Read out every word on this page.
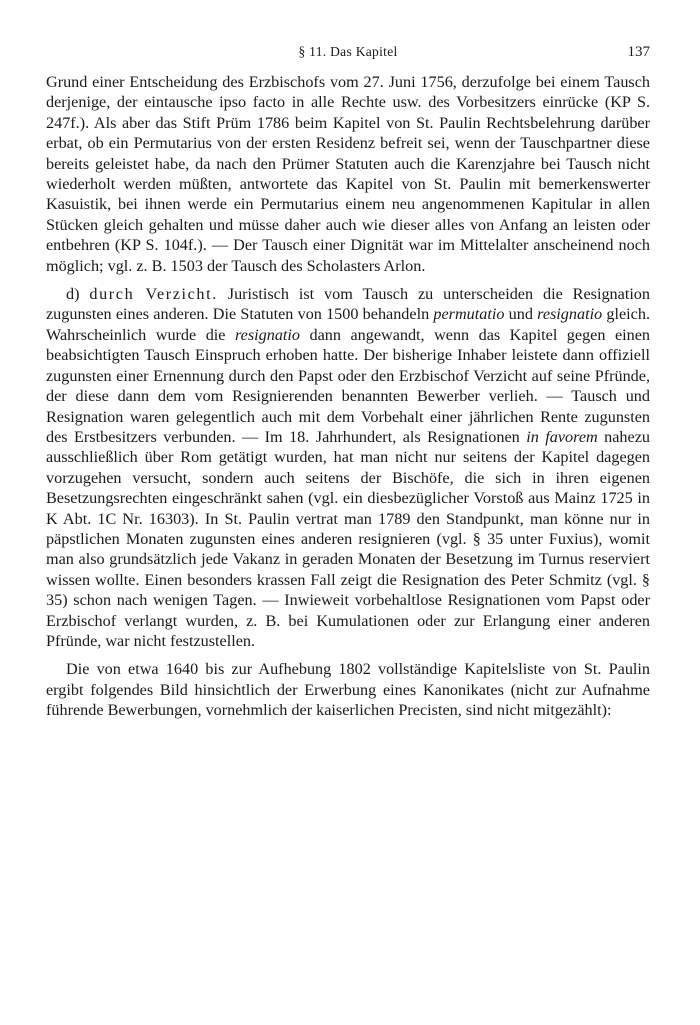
§ 11. Das Kapitel	137

Grund einer Entscheidung des Erzbischofs vom 27. Juni 1756, derzufolge bei einem Tausch derjenige, der eintausche ipso facto in alle Rechte usw. des Vorbesitzers einrücke (KP S. 247f.). Als aber das Stift Prüm 1786 beim Kapitel von St. Paulin Rechtsbelehrung darüber erbat, ob ein Permutarius von der ersten Residenz befreit sei, wenn der Tauschpartner diese bereits geleistet habe, da nach den Prümer Statuten auch die Karenzjahre bei Tausch nicht wiederholt werden müßten, antwortete das Kapitel von St. Paulin mit bemerkenswerter Kasuistik, bei ihnen werde ein Permutarius einem neu angenommenen Kapitular in allen Stücken gleich gehalten und müsse daher auch wie dieser alles von Anfang an leisten oder entbehren (KP S. 104f.). — Der Tausch einer Dignität war im Mittelalter anscheinend noch möglich; vgl. z. B. 1503 der Tausch des Scholasters Arlon.

d) durch Verzicht. Juristisch ist vom Tausch zu unterscheiden die Resignation zugunsten eines anderen. Die Statuten von 1500 behandeln permutatio und resignatio gleich. Wahrscheinlich wurde die resignatio dann angewandt, wenn das Kapitel gegen einen beabsichtigten Tausch Einspruch erhoben hatte. Der bisherige Inhaber leistete dann offiziell zugunsten einer Ernennung durch den Papst oder den Erzbischof Verzicht auf seine Pfründe, der diese dann dem vom Resignierenden benannten Bewerber verlieh. — Tausch und Resignation waren gelegentlich auch mit dem Vorbehalt einer jährlichen Rente zugunsten des Erstbesitzers verbunden. — Im 18. Jahrhundert, als Resignationen in favorem nahezu ausschließlich über Rom getätigt wurden, hat man nicht nur seitens der Kapitel dagegen vorzugehen versucht, sondern auch seitens der Bischöfe, die sich in ihren eigenen Besetzungsrechten eingeschränkt sahen (vgl. ein diesbezüglicher Vorstoß aus Mainz 1725 in K Abt. 1C Nr. 16303). In St. Paulin vertrat man 1789 den Standpunkt, man könne nur in päpstlichen Monaten zugunsten eines anderen resignieren (vgl. § 35 unter Fuxius), womit man also grundsätzlich jede Vakanz in geraden Monaten der Besetzung im Turnus reserviert wissen wollte. Einen besonders krassen Fall zeigt die Resignation des Peter Schmitz (vgl. § 35) schon nach wenigen Tagen. — Inwieweit vorbehaltlose Resignationen vom Papst oder Erzbischof verlangt wurden, z. B. bei Kumulationen oder zur Erlangung einer anderen Pfründe, war nicht festzustellen.

Die von etwa 1640 bis zur Aufhebung 1802 vollständige Kapitelsliste von St. Paulin ergibt folgendes Bild hinsichtlich der Erwerbung eines Kanonikates (nicht zur Aufnahme führende Bewerbungen, vornehmlich der kaiserlichen Precisten, sind nicht mitgezählt):
